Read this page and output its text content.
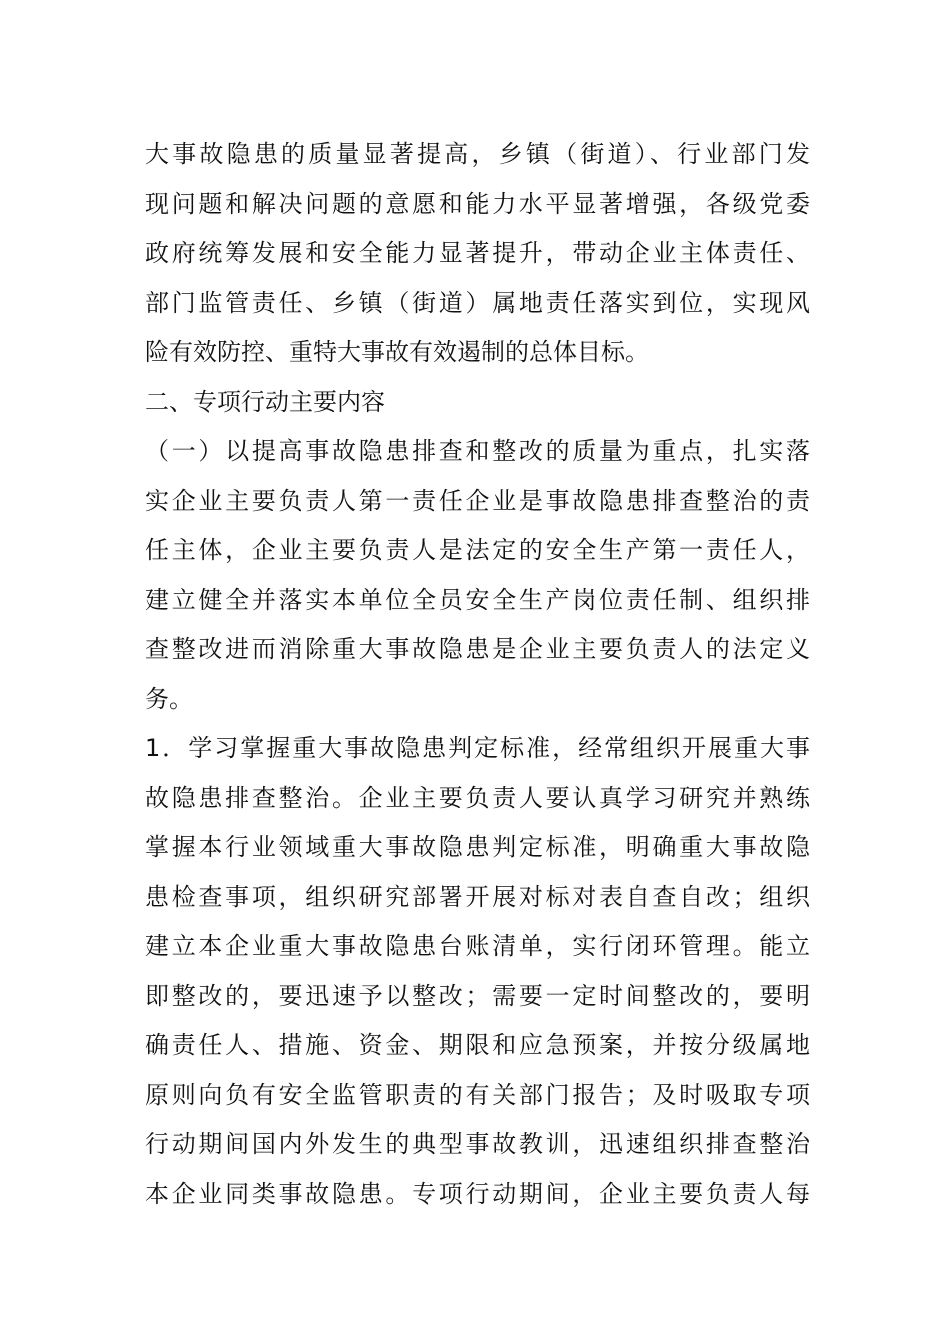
大事故隐患的质量显著提高，乡镇（街道）、行业部门发
现问题和解决问题的意愿和能力水平显著增强，各级党委
政府统筹发展和安全能力显著提升，带动企业主体责任、
部门监管责任、乡镇（街道）属地责任落实到位，实现风
险有效防控、重特大事故有效遏制的总体目标。
二、专项行动主要内容
（一）以提高事故隐患排查和整改的质量为重点，扎实落
实企业主要负责人第一责任企业是事故隐患排查整治的责
任主体，企业主要负责人是法定的安全生产第一责任人，
建立健全并落实本单位全员安全生产岗位责任制、组织排
查整改进而消除重大事故隐患是企业主要负责人的法定义
务。
1．学习掌握重大事故隐患判定标准，经常组织开展重大事
故隐患排查整治。企业主要负责人要认真学习研究并熟练
掌握本行业领域重大事故隐患判定标准，明确重大事故隐
患检查事项，组织研究部署开展对标对表自查自改；组织
建立本企业重大事故隐患台账清单，实行闭环管理。能立
即整改的，要迅速予以整改；需要一定时间整改的，要明
确责任人、措施、资金、期限和应急预案，并按分级属地
原则向负有安全监管职责的有关部门报告；及时吸取专项
行动期间国内外发生的典型事故教训，迅速组织排查整治
本企业同类事故隐患。专项行动期间，企业主要负责人每
